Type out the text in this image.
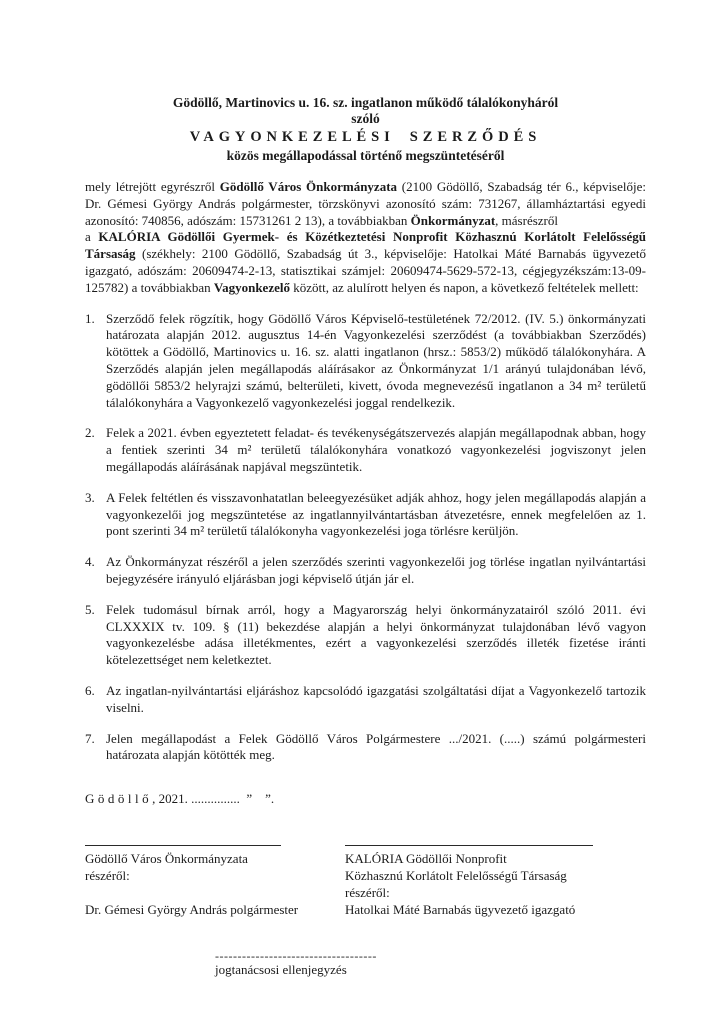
Gödöllő, Martinovics u. 16. sz. ingatlanon működő tálalókonyháról
szóló
VAGYONKEZELÉSI SZERZŐDÉS
közös megállapodással történő megszüntetéséről

mely létrejött egyrészről Gödöllő Város Önkormányzata (2100 Gödöllő, Szabadság tér 6., képviselője: Dr. Gémesi György András polgármester, törzskönyvi azonosító szám: 731267, államháztartási egyedi azonosító: 740856, adószám: 15731261 2 13), a továbbiakban Önkormányzat, másrészről

a KALÓRIA Gödöllői Gyermek- és Közétkeztetési Nonprofit Közhasznú Korlátolt Felelősségű Társaság (székhely: 2100 Gödöllő, Szabadság út 3., képviselője: Hatolkai Máté Barnabás ügyvezető igazgató, adószám: 20609474-2-13, statisztikai számjel: 20609474-5629-572-13, cégjegyzékszám:13-09-125782) a továbbiakban Vagyonkezelő között, az alulírott helyen és napon, a következő feltételek mellett:

1. Szerződő felek rögzítik, hogy Gödöllő Város Képviselő-testületének 72/2012. (IV. 5.) önkormányzati határozata alapján 2012. augusztus 14-én Vagyonkezelési szerződést (a továbbiakban Szerződés) kötöttek a Gödöllő, Martinovics u. 16. sz. alatti ingatlanon (hrsz.: 5853/2) működő tálalókonyhára. A Szerződés alapján jelen megállapodás aláírásakor az Önkormányzat 1/1 arányú tulajdonában lévő, gödöllői 5853/2 helyrajzi számú, belterületi, kivett, óvoda megnevezésű ingatlanon a 34 m² területű tálalókonyhára a Vagyonkezelő vagyonkezelési joggal rendelkezik.
2. Felek a 2021. évben egyeztetett feladat- és tevékenységátszervezés alapján megállapodnak abban, hogy a fentiek szerinti 34 m² területű tálalókonyhára vonatkozó vagyonkezelési jogviszonyt jelen megállapodás aláírásának napjával megszüntetik.
3. A Felek feltétlen és visszavonhatatlan beleegyezésüket adják ahhoz, hogy jelen megállapodás alapján a vagyonkezelői jog megszüntetése az ingatlannyilvántartásban átvezetésre, ennek megfelelően az 1. pont szerinti 34 m² területű tálalókonyha vagyonkezelési joga törlésre kerüljön.
4. Az Önkormányzat részéről a jelen szerződés szerinti vagyonkezelői jog törlése ingatlan nyilvántartási bejegyzésére irányuló eljárásban jogi képviselő útján jár el.
5. Felek tudomásul bírnak arról, hogy a Magyarország helyi önkormányzatairól szóló 2011. évi CLXXXIX tv. 109. § (11) bekezdése alapján a helyi önkormányzat tulajdonában lévő vagyon vagyonkezelésbe adása illetékmentes, ezért a vagyonkezelési szerződés illeték fizetése iránti kötelezettséget nem keletkeztet.
6. Az ingatlan-nyilvántartási eljáráshoz kapcsolódó igazgatási szolgáltatási díjat a Vagyonkezelő tartozik viselni.
7. Jelen megállapodást a Felek Gödöllő Város Polgármestere .../2021. (.....) számú polgármesteri határozata alapján kötötték meg.

Gödöllő, 2021. ...............  ”    ”.

Gödöllő Város Önkormányzata
részéről:
Dr. Gémesi György András polgármester
KALÓRIA Gödöllői Nonprofit
Közhasznú Korlátolt Felelősségű Társaság
részéről:
Hatolkai Máté Barnabás ügyvezető igazgató
------------------------------------
jogtanácsosi ellenjegyzés
